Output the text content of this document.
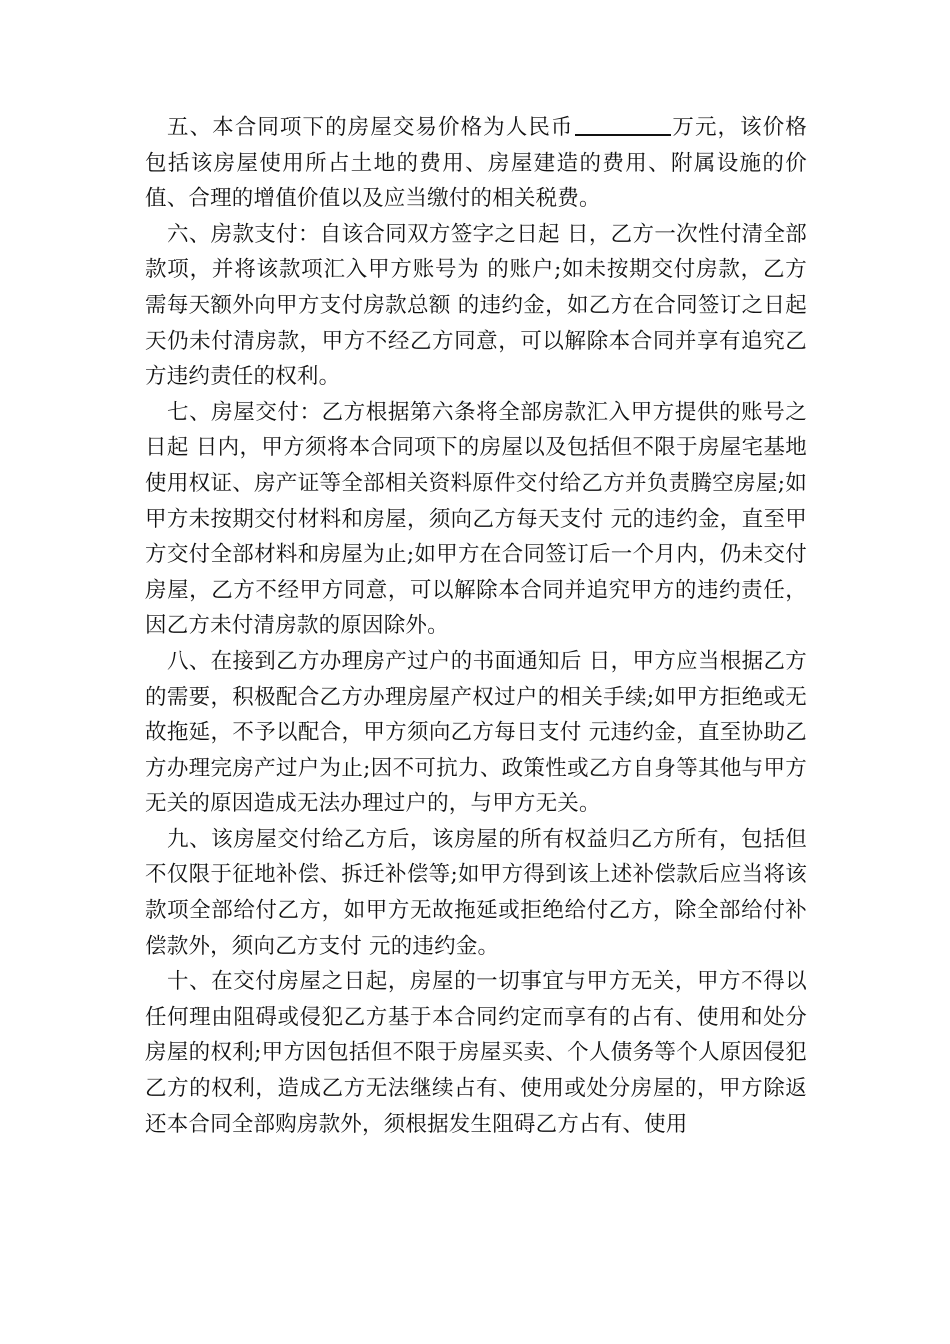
五、本合同项下的房屋交易价格为人民币	万元，该价格包括该房屋使用所占土地的费用、房屋建造的费用、附属设施的价值、合理的增值价值以及应当缴付的相关税费。

六、房款支付：自该合同双方签字之日起 日，乙方一次性付清全部款项，并将该款项汇入甲方账号为 的账户;如未按期交付房款，乙方需每天额外向甲方支付房款总额 的违约金，如乙方在合同签订之日起 天仍未付清房款，甲方不经乙方同意，可以解除本合同并享有追究乙方违约责任的权利。

七、房屋交付：乙方根据第六条将全部房款汇入甲方提供的账号之日起 日内，甲方须将本合同项下的房屋以及包括但不限于房屋宅基地使用权证、房产证等全部相关资料原件交付给乙方并负责腾空房屋;如甲方未按期交付材料和房屋，须向乙方每天支付 元的违约金，直至甲方交付全部材料和房屋为止;如甲方在合同签订后一个月内，仍未交付房屋，乙方不经甲方同意，可以解除本合同并追究甲方的违约责任，因乙方未付清房款的原因除外。

八、在接到乙方办理房产过户的书面通知后 日，甲方应当根据乙方的需要，积极配合乙方办理房屋产权过户的相关手续;如甲方拒绝或无故拖延，不予以配合，甲方须向乙方每日支付 元违约金，直至协助乙方办理完房产过户为止;因不可抗力、政策性或乙方自身等其他与甲方无关的原因造成无法办理过户的，与甲方无关。

九、该房屋交付给乙方后，该房屋的所有权益归乙方所有，包括但不仅限于征地补偿、拆迁补偿等;如甲方得到该上述补偿款后应当将该款项全部给付乙方，如甲方无故拖延或拒绝给付乙方，除全部给付补偿款外，须向乙方支付 元的违约金。

十、在交付房屋之日起，房屋的一切事宜与甲方无关，甲方不得以任何理由阻碍或侵犯乙方基于本合同约定而享有的占有、使用和处分房屋的权利;甲方因包括但不限于房屋买卖、个人债务等个人原因侵犯乙方的权利，造成乙方无法继续占有、使用或处分房屋的，甲方除返还本合同全部购房款外，须根据发生阻碍乙方占有、使用
